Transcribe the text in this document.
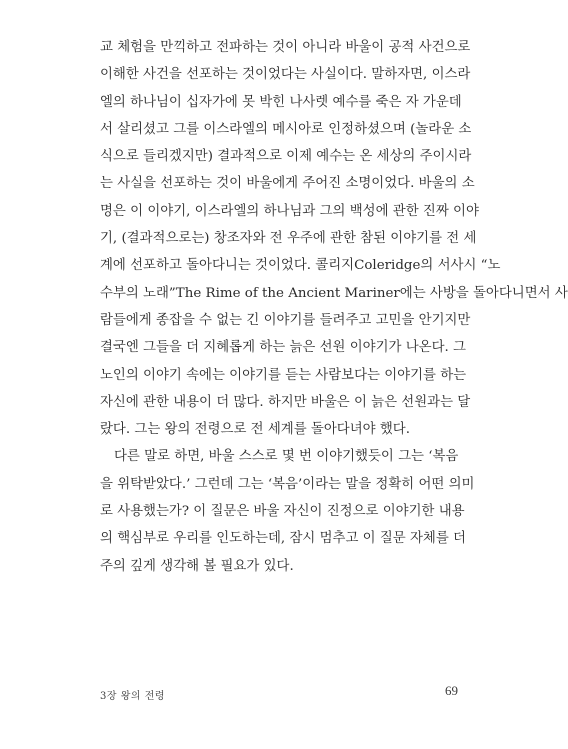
교 체험을 만끽하고 전파하는 것이 아니라 바울이 공적 사건으로
이해한 사건을 선포하는 것이었다는 사실이다. 말하자면, 이스라
엘의 하나님이 십자가에 못 박힌 나사렛 예수를 죽은 자 가운데
서 살리셨고 그를 이스라엘의 메시아로 인정하셨으며 (놀라운 소
식으로 들리겠지만) 결과적으로 이제 예수는 온 세상의 주이시라
는 사실을 선포하는 것이 바울에게 주어진 소명이었다. 바울의 소
명은 이 이야기, 이스라엘의 하나님과 그의 백성에 관한 진짜 이야
기, (결과적으로는) 창조자와 전 우주에 관한 참된 이야기를 전 세
계에 선포하고 돌아다니는 것이었다. 콜리지Coleridge의 서사시 “노
수부의 노래”The Rime of the Ancient Mariner에는 사방을 돌아다니면서 사
람들에게 종잡을 수 없는 긴 이야기를 들려주고 고민을 안기지만
결국엔 그들을 더 지혜롭게 하는 늙은 선원 이야기가 나온다. 그
노인의 이야기 속에는 이야기를 듣는 사람보다는 이야기를 하는
자신에 관한 내용이 더 많다. 하지만 바울은 이 늙은 선원과는 달
랐다. 그는 왕의 전령으로 전 세계를 돌아다녀야 했다.
다른 말로 하면, 바울 스스로 몇 번 이야기했듯이 그는 ‘복음
을 위탁받았다.’ 그런데 그는 ‘복음’이라는 말을 정확히 어떤 의미
로 사용했는가? 이 질문은 바울 자신이 진정으로 이야기한 내용
의 핵심부로 우리를 인도하는데, 잠시 멈추고 이 질문 자체를 더
주의 깊게 생각해 볼 필요가 있다.
3장 왕의 전령	69
